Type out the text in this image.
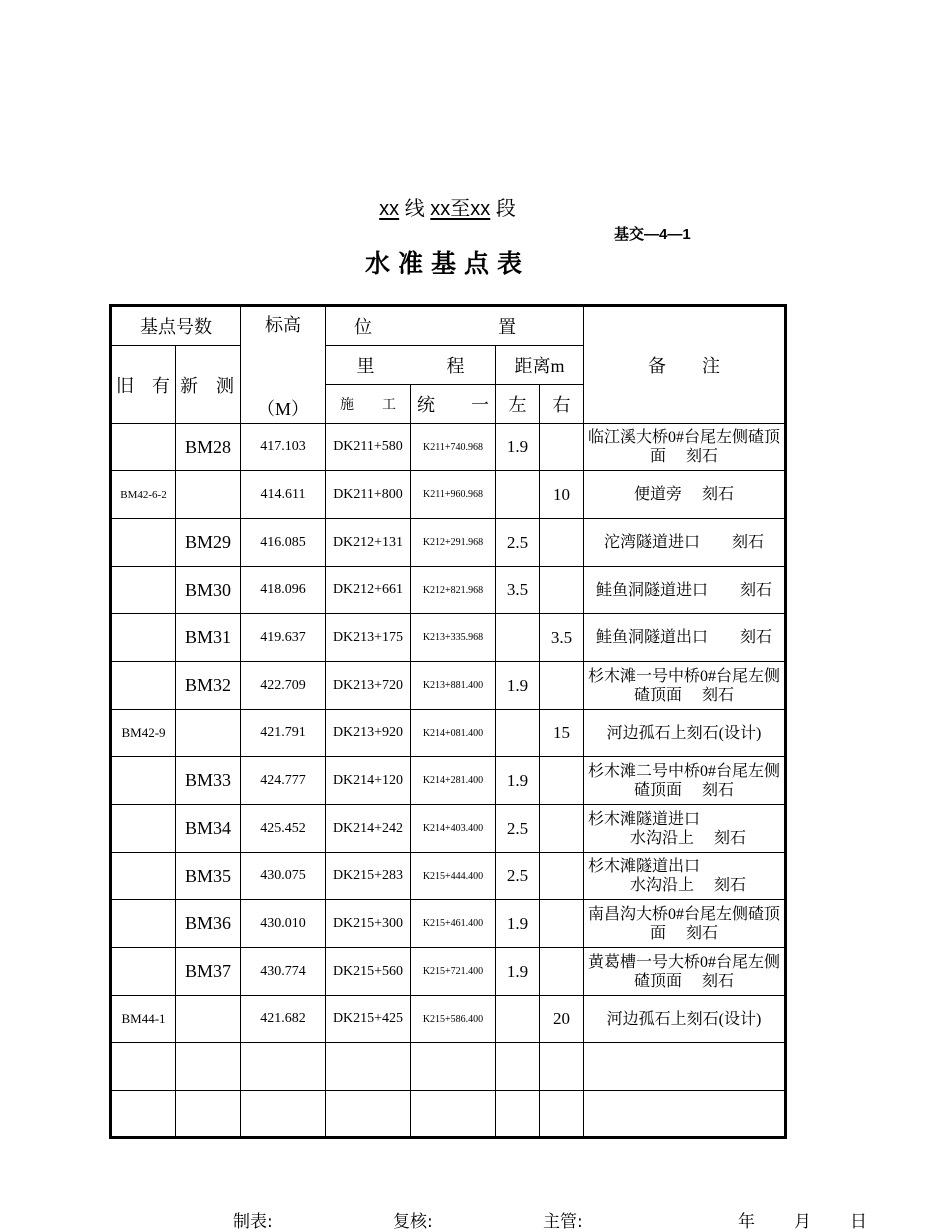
xx 线 xx至xx 段
基交—4—1
水准基点表
基点号数		标高
（M）	位　　　　　　　置				备　　注
旧　有	新　测		里　　　　程		距离m		
			施　　工	统　　一	左	右	
	BM28	417.103	DK211+580	K211+740.968	1.9		临江溪大桥0#台尾左侧碴顶面　 刻石
BM42-6-2		414.611	DK211+800	K211+960.968		10	便道旁　 刻石
	BM29	416.085	DK212+131	K212+291.968	2.5		沱湾隧道进口　　刻石
	BM30	418.096	DK212+661	K212+821.968	3.5		鲑鱼洞隧道进口　　刻石
	BM31	419.637	DK213+175	K213+335.968		3.5	鲑鱼洞隧道出口　　刻石
	BM32	422.709	DK213+720	K213+881.400	1.9		杉木滩一号中桥0#台尾左侧碴顶面　 刻石
BM42-9		421.791	DK213+920	K214+081.400		15	河边孤石上刻石(设计)
	BM33	424.777	DK214+120	K214+281.400	1.9		杉木滩二号中桥0#台尾左侧碴顶面　 刻石
	BM34	425.452	DK214+242	K214+403.400	2.5		杉木滩隧道进口
水沟沿上　 刻石

	BM35	430.075	DK215+283	K215+444.400	2.5		杉木滩隧道出口
水沟沿上　 刻石

	BM36	430.010	DK215+300	K215+461.400	1.9		南昌沟大桥0#台尾左侧碴顶面　 刻石
	BM37	430.774	DK215+560	K215+721.400	1.9		黄葛槽一号大桥0#台尾左侧碴顶面　 刻石
BM44-1		421.682	DK215+425	K215+586.400		20	河边孤石上刻石(设计)

制表:	复核:	主管:	年 月 日
